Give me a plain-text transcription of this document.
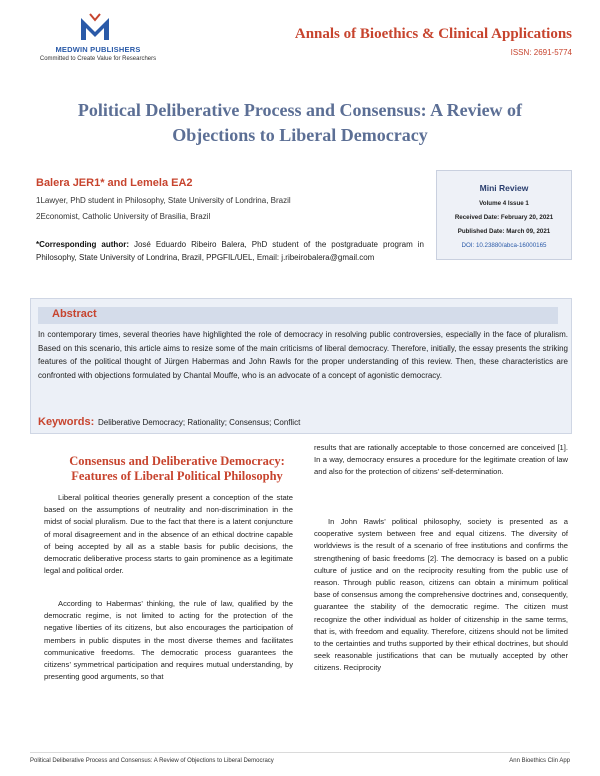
MEDWIN PUBLISHERS
Committed to Create Value for Researchers
Annals of Bioethics & Clinical Applications
ISSN: 2691-5774
Political Deliberative Process and Consensus: A Review of
Objections to Liberal Democracy
Balera JER1* and Lemela EA2
1Lawyer, PhD student in Philosophy, State University of Londrina, Brazil
2Economist, Catholic University of Brasilia, Brazil
*Corresponding author: José Eduardo Ribeiro Balera, PhD student of the postgraduate program in Philosophy, State University of Londrina, Brazil, PPGFIL/UEL, Email: j.ribeirobalera@gmail.com
Mini Review
Volume 4 Issue 1
Received Date: February 20, 2021
Published Date: March 09, 2021
DOI: 10.23880/abca-16000165
Abstract
In contemporary times, several theories have highlighted the role of democracy in resolving public controversies, especially in the face of pluralism. Based on this scenario, this article aims to resize some of the main criticisms of liberal democracy. Therefore, initially, the essay presents the striking features of the political thought of Jürgen Habermas and John Rawls for the proper understanding of this review. Then, these characteristics are confronted with objections formulated by Chantal Mouffe, who is an advocate of a concept of agonistic democracy.
Keywords: Deliberative Democracy; Rationality; Consensus; Conflict
Consensus and Deliberative Democracy:
Features of Liberal Political Philosophy
Liberal political theories generally present a conception of the state based on the assumptions of neutrality and non-discrimination in the midst of social pluralism. Due to the fact that there is a latent conjuncture of moral disagreement and in the absence of an ethical doctrine capable of being accepted by all as a stable basis for public decisions, the democratic deliberative process starts to gain prominence as a legitimate legal and political order.
According to Habermas’ thinking, the rule of law, qualified by the democratic regime, is not limited to acting for the protection of the negative liberties of its citizens, but also encourages the participation of members in public disputes in the most diverse themes and facilitates communicative freedoms. The democratic process guarantees the citizens’ symmetrical participation and requires mutual understanding, by presenting good arguments, so that
results that are rationally acceptable to those concerned are conceived [1]. In a way, democracy ensures a procedure for the legitimate creation of law and also for the protection of citizens’ self-determination.
In John Rawls’ political philosophy, society is presented as a cooperative system between free and equal citizens. The diversity of worldviews is the result of a scenario of free institutions and confirms the strengthening of basic freedoms [2]. The democracy is based on a public culture of justice and on the reciprocity resulting from the public use of reason. Through public reason, citizens can obtain a minimum political base of consensus among the comprehensive doctrines and, consequently, guarantee the stability of the democratic regime. The citizen must recognize the other individual as holder of citizenship in the same terms, that is, with freedom and equality. Therefore, citizens should not be limited to the certainties and truths supported by their ethical doctrines, but should seek reasonable justifications that can be mutually accepted by other citizens. Reciprocity
Political Deliberative Process and Consensus: A Review of Objections to Liberal Democracy	Ann Bioethics Clin App
